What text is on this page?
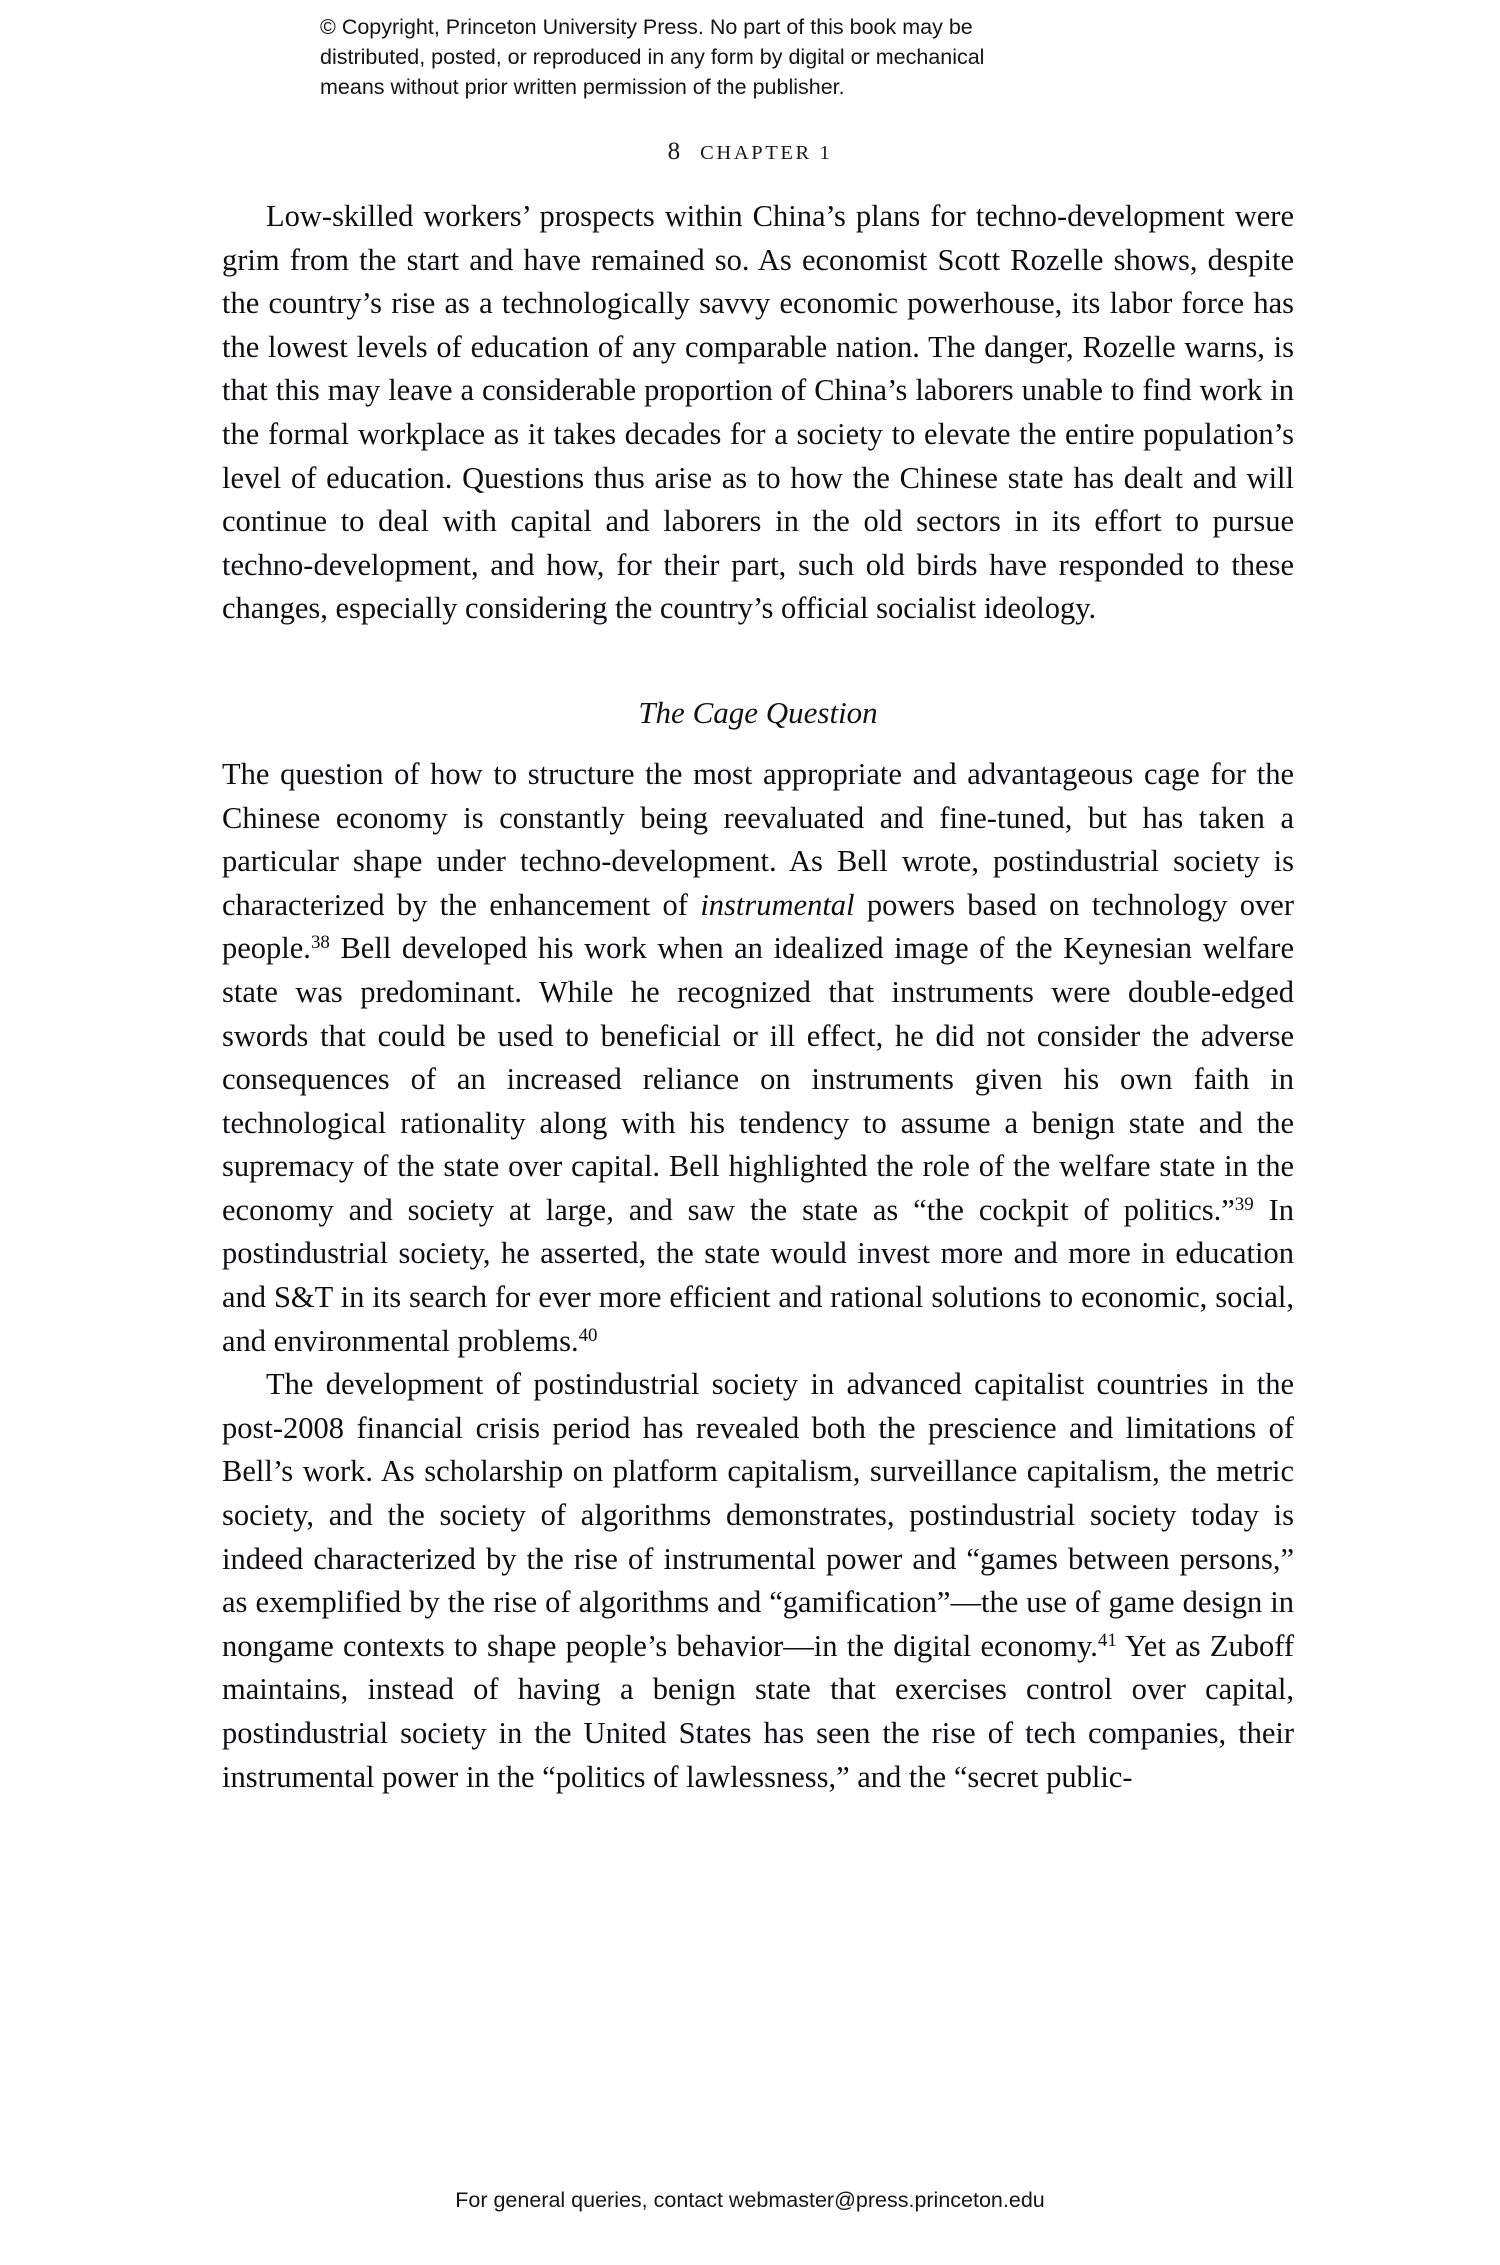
© Copyright, Princeton University Press. No part of this book may be
distributed, posted, or reproduced in any form by digital or mechanical
means without prior written permission of the publisher.
8 CHAPTER 1

Low-skilled workers’ prospects within China’s plans for techno-development were grim from the start and have remained so. As economist Scott Rozelle shows, despite the country’s rise as a technologically savvy economic powerhouse, its labor force has the lowest levels of education of any comparable nation. The danger, Rozelle warns, is that this may leave a considerable proportion of China’s laborers unable to find work in the formal workplace as it takes decades for a society to elevate the entire population’s level of education. Questions thus arise as to how the Chinese state has dealt and will continue to deal with capital and laborers in the old sectors in its effort to pursue techno-development, and how, for their part, such old birds have responded to these changes, especially considering the country’s official socialist ideology.

The Cage Question

The question of how to structure the most appropriate and advantageous cage for the Chinese economy is constantly being reevaluated and fine-tuned, but has taken a particular shape under techno-development. As Bell wrote, postindustrial society is characterized by the enhancement of instrumental powers based on technology over people.$^{38}$ Bell developed his work when an idealized image of the Keynesian welfare state was predominant. While he recognized that instruments were double-edged swords that could be used to beneficial or ill effect, he did not consider the adverse consequences of an increased reliance on instruments given his own faith in technological rationality along with his tendency to assume a benign state and the supremacy of the state over capital. Bell highlighted the role of the welfare state in the economy and society at large, and saw the state as “the cockpit of politics.”$^{39}$ In postindustrial society, he asserted, the state would invest more and more in education and S&T in its search for ever more efficient and rational solutions to economic, social, and environmental problems.$^{40}$

The development of postindustrial society in advanced capitalist countries in the post-2008 financial crisis period has revealed both the prescience and limitations of Bell’s work. As scholarship on platform capitalism, surveillance capitalism, the metric society, and the society of algorithms demonstrates, postindustrial society today is indeed characterized by the rise of instrumental power and “games between persons,” as exemplified by the rise of algorithms and “gamification”—the use of game design in nongame contexts to shape people’s behavior—in the digital economy.$^{41}$ Yet as Zuboff maintains, instead of having a benign state that exercises control over capital, postindustrial society in the United States has seen the rise of tech companies, their instrumental power in the “politics of lawlessness,” and the “secret public-

For general queries, contact webmaster@press.princeton.edu
